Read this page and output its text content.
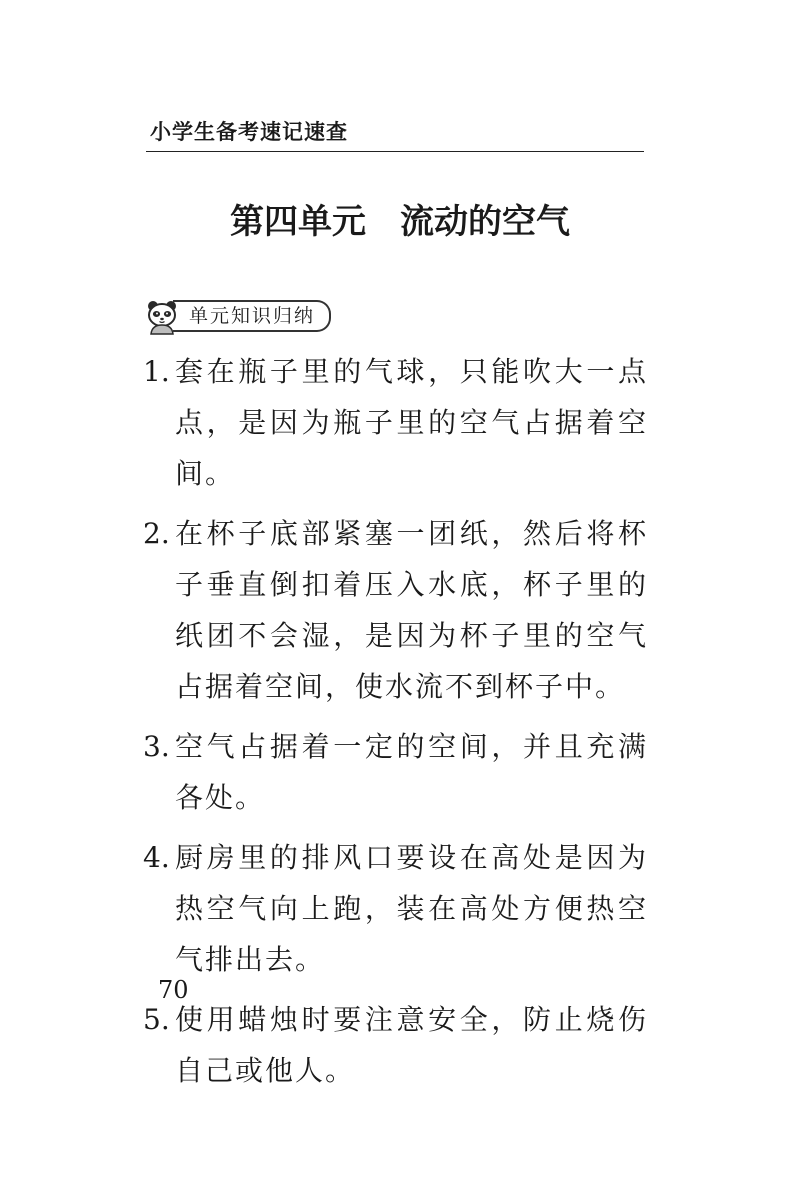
小学生备考速记速查
第四单元　流动的空气
单元知识归纳
1. 套在瓶子里的气球，只能吹大一点点，是因为瓶子里的空气占据着空间。
2. 在杯子底部紧塞一团纸，然后将杯子垂直倒扣着压入水底，杯子里的纸团不会湿，是因为杯子里的空气占据着空间，使水流不到杯子中。
3. 空气占据着一定的空间，并且充满各处。
4. 厨房里的排风口要设在高处是因为热空气向上跑，装在高处方便热空气排出去。
5. 使用蜡烛时要注意安全，防止烧伤自己或他人。
70
